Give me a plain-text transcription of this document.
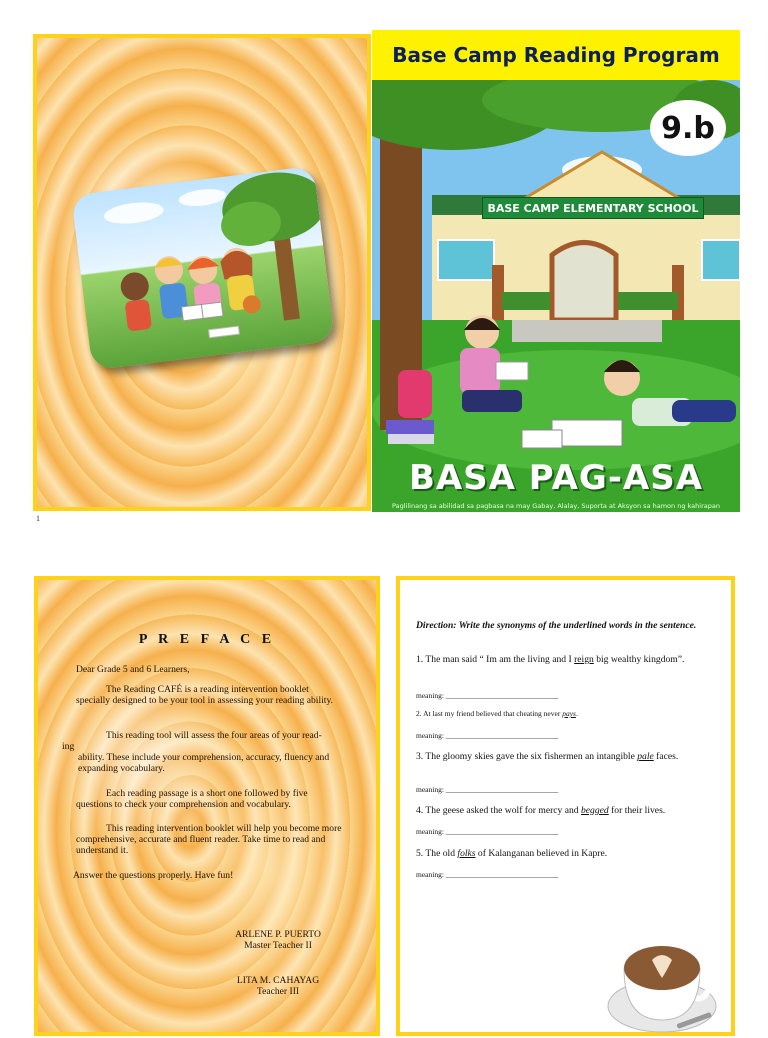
Base Camp Reading Program
9.b
BASE CAMP ELEMENTARY SCHOOL
BASA PAG-ASA
Paglilinang sa abilidad sa pagbasa na may Gabay, Alalay, Suporta at Aksyon sa hamon ng kahirapan
1
P R E F A C E

Dear Grade 5 and 6 Learners,

The Reading CAFÉ is a reading intervention booklet specially designed to be your tool in assessing your reading ability.

This reading tool will assess the four areas of your read-

ing

ability. These include your comprehension, accuracy, fluency and expanding vocabulary.

Each reading passage is a short one followed by five questions to check your comprehension and vocabulary.

This reading intervention booklet will help you become more comprehensive, accurate and fluent reader. Take time to read and understand it.

Answer the questions properly. Have fun!

ARLENE P. PUERTO
Master Teacher II
LITA M. CAHAYAG
Teacher III

Direction: Write the synonyms of the underlined words in the sentence.

1. The man said “ Im am the living and I reign big wealthy kingdom”.

meaning: ______________________________

2. At last my friend believed that cheating never pays.

meaning: ______________________________

3. The gloomy skies gave the six fishermen an intangible pale faces.

meaning: ______________________________

4. The geese asked the wolf for mercy and begged for their lives.

meaning: ______________________________

5. The old folks of Kalanganan believed in Kapre.

meaning: ______________________________
